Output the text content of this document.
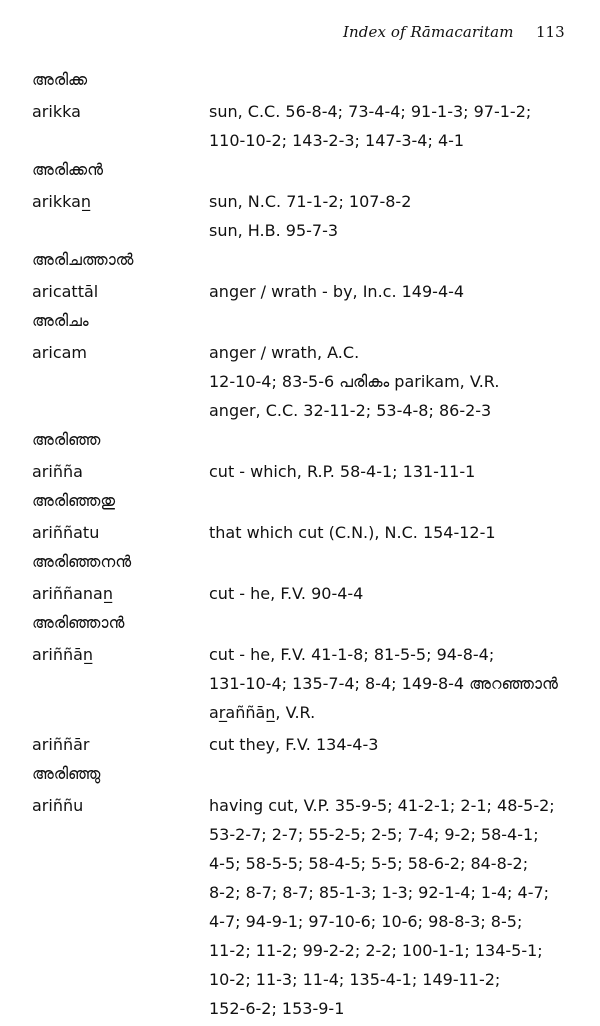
Index of Rāmacaritam 113
അരിക്ക
arikka	sun, C.C. 56-8-4; 73-4-4; 91-1-3; 97-1-2;
110-10-2; 143-2-3; 147-3-4; 4-1
അരിക്കൻ
arikkan̲	sun, N.C. 71-1-2; 107-8-2
sun, H.B. 95-7-3
അരിചത്താൽ
aricattāl	anger / wrath - by, In.c. 149-4-4
അരിചം
aricam	anger / wrath, A.C.
12-10-4; 83-5-6 പരികം parikam, V.R.
anger, C.C. 32-11-2; 53-4-8; 86-2-3
അരിഞ്ഞ
ariñña	cut - which, R.P. 58-4-1; 131-11-1
അരിഞ്ഞതു
ariññatu	that which cut (C.N.), N.C. 154-12-1
അരിഞ്ഞനൻ
ariññanan̲	cut - he, F.V. 90-4-4
അരിഞ്ഞാൻ
ariññān̲	cut - he, F.V. 41-1-8; 81-5-5; 94-8-4;
131-10-4; 135-7-4; 8-4; 149-8-4 അറഞ്ഞാൻ
ar̲aññān̲, V.R.
ariññār	cut they, F.V. 134-4-3
അരിഞ്ഞു
ariññu	having cut, V.P. 35-9-5; 41-2-1; 2-1; 48-5-2;
53-2-7; 2-7; 55-2-5; 2-5; 7-4; 9-2; 58-4-1;
4-5; 58-5-5; 58-4-5; 5-5; 58-6-2; 84-8-2;
8-2; 8-7; 8-7; 85-1-3; 1-3; 92-1-4; 1-4; 4-7;
4-7; 94-9-1; 97-10-6; 10-6; 98-8-3; 8-5;
11-2; 11-2; 99-2-2; 2-2; 100-1-1; 134-5-1;
10-2; 11-3; 11-4; 135-4-1; 149-11-2;
152-6-2; 153-9-1
